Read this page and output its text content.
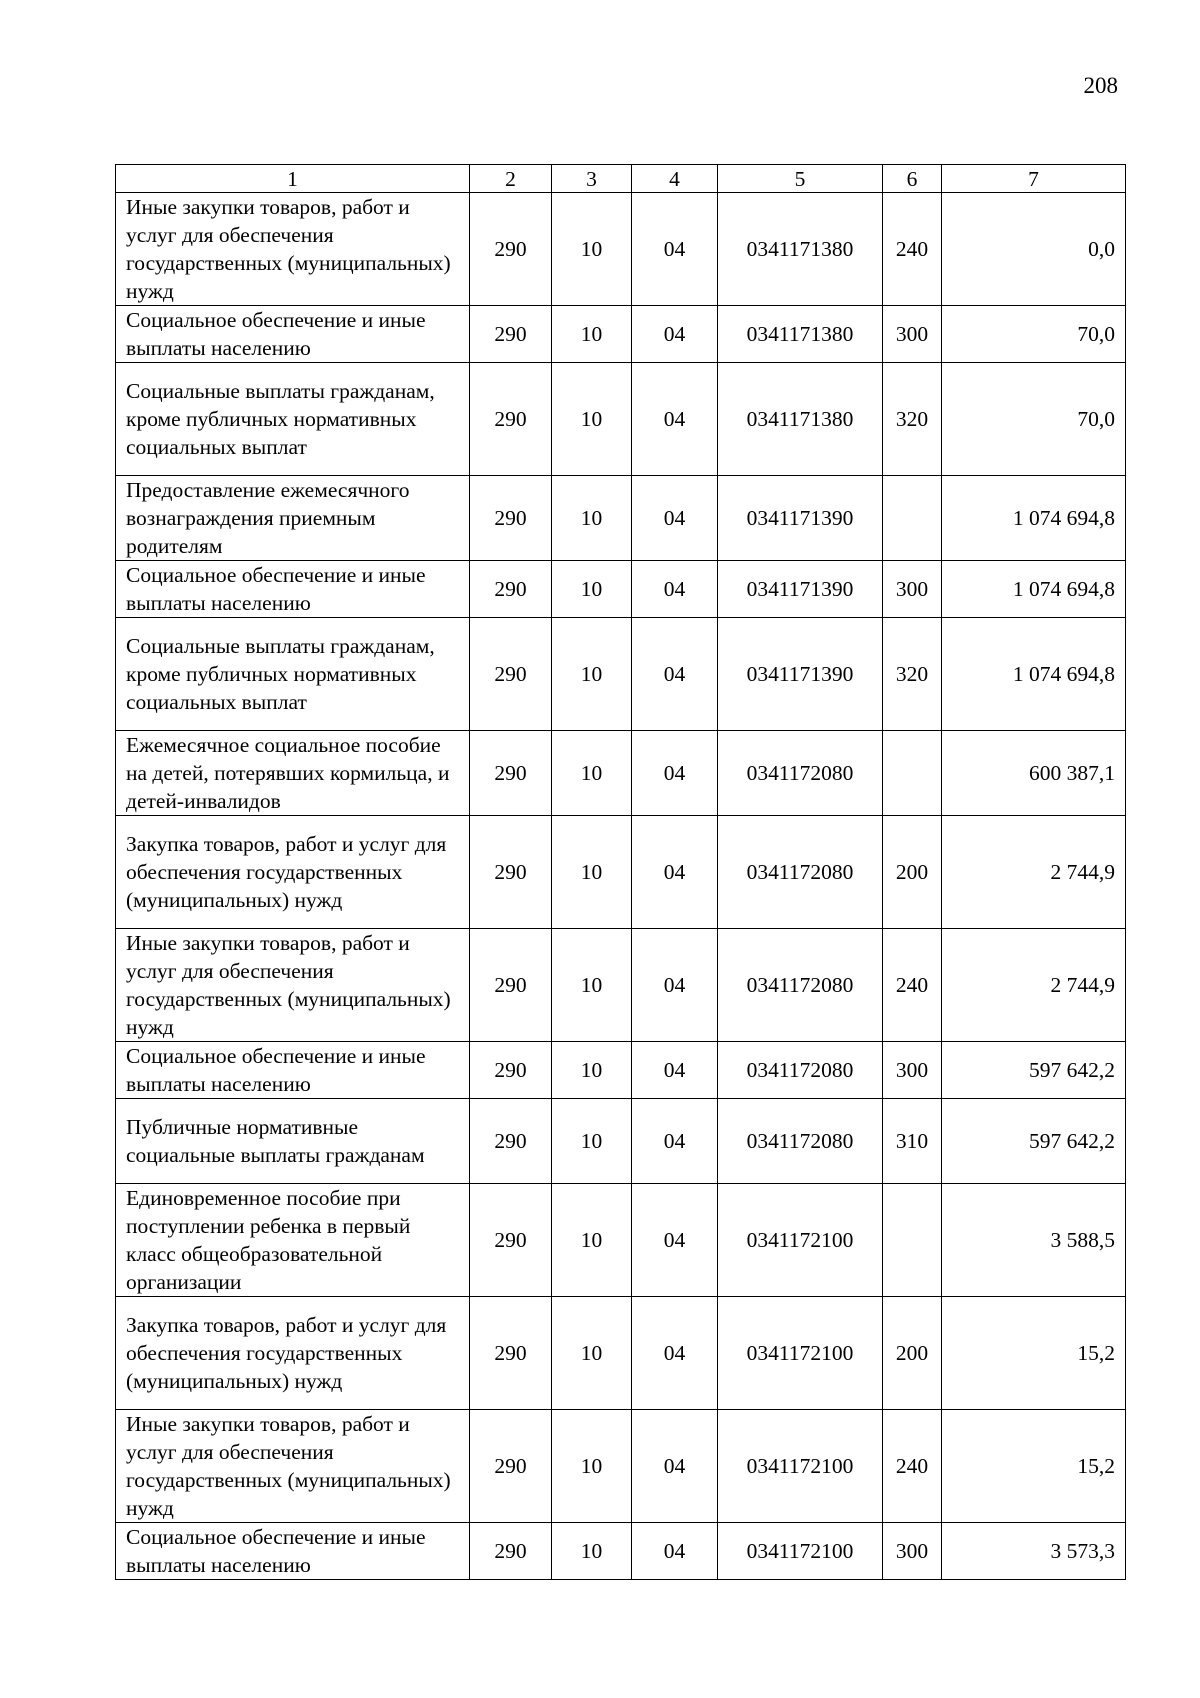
208
1	2	3	4	5	6	7

Иные закупки товаров, работ и услуг для обеспечения государственных (муниципальных) нужд	290	10	04	0341171380	240	0,0

Социальное обеспечение и иные выплаты населению	290	10	04	0341171380	300	70,0

Социальные выплаты гражданам, кроме публичных нормативных социальных выплат	290	10	04	0341171380	320	70,0

Предоставление ежемесячного вознаграждения приемным родителям	290	10	04	0341171390		1 074 694,8

Социальное обеспечение и иные выплаты населению	290	10	04	0341171390	300	1 074 694,8

Социальные выплаты гражданам, кроме публичных нормативных социальных выплат	290	10	04	0341171390	320	1 074 694,8

Ежемесячное социальное пособие на детей, потерявших кормильца, и детей-инвалидов	290	10	04	0341172080		600 387,1

Закупка товаров, работ и услуг для обеспечения государственных (муниципальных) нужд	290	10	04	0341172080	200	2 744,9

Иные закупки товаров, работ и услуг для обеспечения государственных (муниципальных) нужд	290	10	04	0341172080	240	2 744,9

Социальное обеспечение и иные выплаты населению	290	10	04	0341172080	300	597 642,2

Публичные нормативные социальные выплаты гражданам	290	10	04	0341172080	310	597 642,2

Единовременное пособие при поступлении ребенка в первый класс общеобразовательной организации	290	10	04	0341172100		3 588,5

Закупка товаров, работ и услуг для обеспечения государственных (муниципальных) нужд	290	10	04	0341172100	200	15,2

Иные закупки товаров, работ и услуг для обеспечения государственных (муниципальных) нужд	290	10	04	0341172100	240	15,2

Социальное обеспечение и иные выплаты населению	290	10	04	0341172100	300	3 573,3
